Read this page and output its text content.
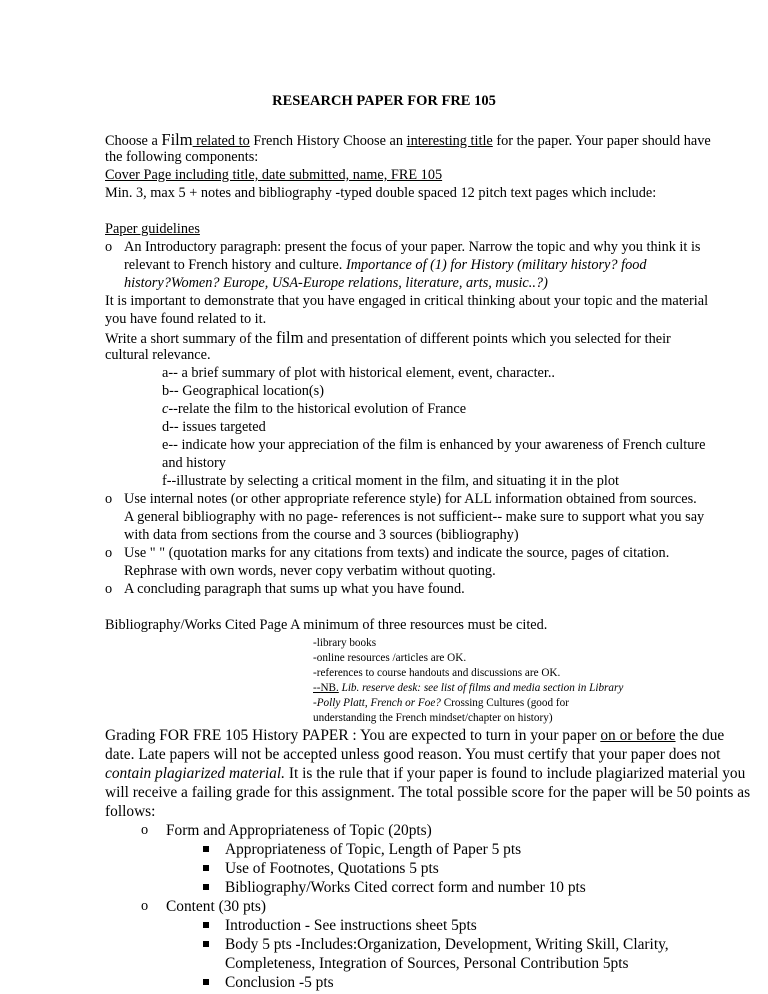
RESEARCH PAPER FOR FRE 105
Choose a Film related to French History Choose an interesting title for the paper. Your paper should have
the following components:
Cover Page including title, date submitted, name, FRE 105
Min. 3, max 5 + notes and bibliography -typed double spaced 12 pitch text pages which include:
Paper guidelines
o An Introductory paragraph: present the focus of your paper. Narrow the topic and why you think it is
relevant to French history and culture. Importance of (1) for History (military history? food
history?Women? Europe, USA-Europe relations, literature, arts, music..?)
It is important to demonstrate that you have engaged in critical thinking about your topic and the material
you have found related to it.
Write a short summary of the film and presentation of different points which you selected for their
cultural relevance.
a-- a brief summary of plot with historical element, event, character..
b-- Geographical location(s)
c--relate the film to the historical evolution of France
d-- issues targeted
e-- indicate how your appreciation of the film is enhanced by your awareness of French culture
and history
f--illustrate by selecting a critical moment in the film, and situating it in the plot
o Use internal notes (or other appropriate reference style) for ALL information obtained from sources.
A general bibliography with no page- references is not sufficient-- make sure to support what you say
with data from sections from the course and 3 sources (bibliography)
o Use " " (quotation marks for any citations from texts) and indicate the source, pages of citation.
Rephrase with own words, never copy verbatim without quoting.
o A concluding paragraph that sums up what you have found.
Bibliography/Works Cited Page A minimum of three resources must be cited.
-library books
-online resources /articles are OK.
-references to course handouts and discussions are OK.
--NB. Lib. reserve desk: see list of films and media section in Library
-Polly Platt, French or Foe? Crossing Cultures (good for
understanding the French mindset/chapter on history)
Grading FOR FRE 105 History PAPER : You are expected to turn in your paper on or before the due
date. Late papers will not be accepted unless good reason. You must certify that your paper does not
contain plagiarized material. It is the rule that if your paper is found to include plagiarized material you
will receive a failing grade for this assignment. The total possible score for the paper will be 50 points as
follows:
o	Form and Appropriateness of Topic (20pts)
Appropriateness of Topic, Length of Paper 5 pts
Use of Footnotes, Quotations 5 pts
Bibliography/Works Cited correct form and number 10 pts
o	Content (30 pts)
Introduction - See instructions sheet 5pts
Body 5 pts -Includes:Organization, Development, Writing Skill, Clarity,
Completeness, Integration of Sources, Personal Contribution 5pts
Conclusion -5 pts
